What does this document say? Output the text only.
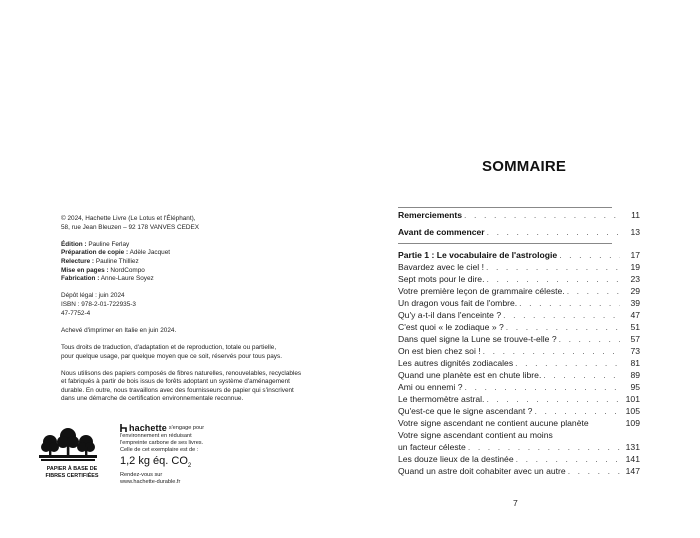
© 2024, Hachette Livre (Le Lotus et l'Éléphant),
58, rue Jean Bleuzen – 92 178 VANVES CEDEX
Édition : Pauline Ferlay
Préparation de copie : Adèle Jacquet
Relecture : Pauline Thilliez
Mise en pages : NordCompo
Fabrication : Anne-Laure Soyez
Dépôt légal : juin 2024
ISBN : 978-2-01-722935-3
47-7752-4
Achevé d'imprimer en Italie en juin 2024.
Tous droits de traduction, d'adaptation et de reproduction, totale ou partielle,
pour quelque usage, par quelque moyen que ce soit, réservés pour tous pays.
Nous utilisons des papiers composés de fibres naturelles, renouvelables, recyclables
et fabriqués à partir de bois issus de forêts adoptant un système d'aménagement
durable. En outre, nous travaillons avec des fournisseurs de papier qui s'inscrivent
dans une démarche de certification environnementale reconnue.
PAPIER À BASE DE
FIBRES CERTIFIÉES
hachette s'engage pour
l'environnement en réduisant
l'empreinte carbone de ses livres.
Celle de cet exemplaire est de :
1,2 kg éq. $CO_2$
Rendez-vous sur
www.hachette-durable.fr
SOMMAIRE
Remerciements . . .	11
Avant de commencer . . .	13
Partie 1 : Le vocabulaire de l'astrologie . . .	17
Bavardez avec le ciel ! . . .	19
Sept mots pour le dire. . . .	23
Votre première leçon de grammaire céleste. . . .	29
Un dragon vous fait de l'ombre. . . .	39
Qu'y a-t-il dans l'enceinte ? . . .	47
C'est quoi « le zodiaque » ? . . .	51
Dans quel signe la Lune se trouve-t-elle ? . . .	57
On est bien chez soi ! . . .	73
Les autres dignités zodiacales . . .	81
Quand une planète est en chute libre. . . .	89
Ami ou ennemi ? . . .	95
Le thermomètre astral. . . .	101
Qu'est-ce que le signe ascendant ? . . .	105
Votre signe ascendant ne contient aucune planète	109
Votre signe ascendant contient au moins
un facteur céleste . . .	131
Les douze lieux de la destinée . . .	141
Quand un astre doit cohabiter avec un autre . . .	147
7
